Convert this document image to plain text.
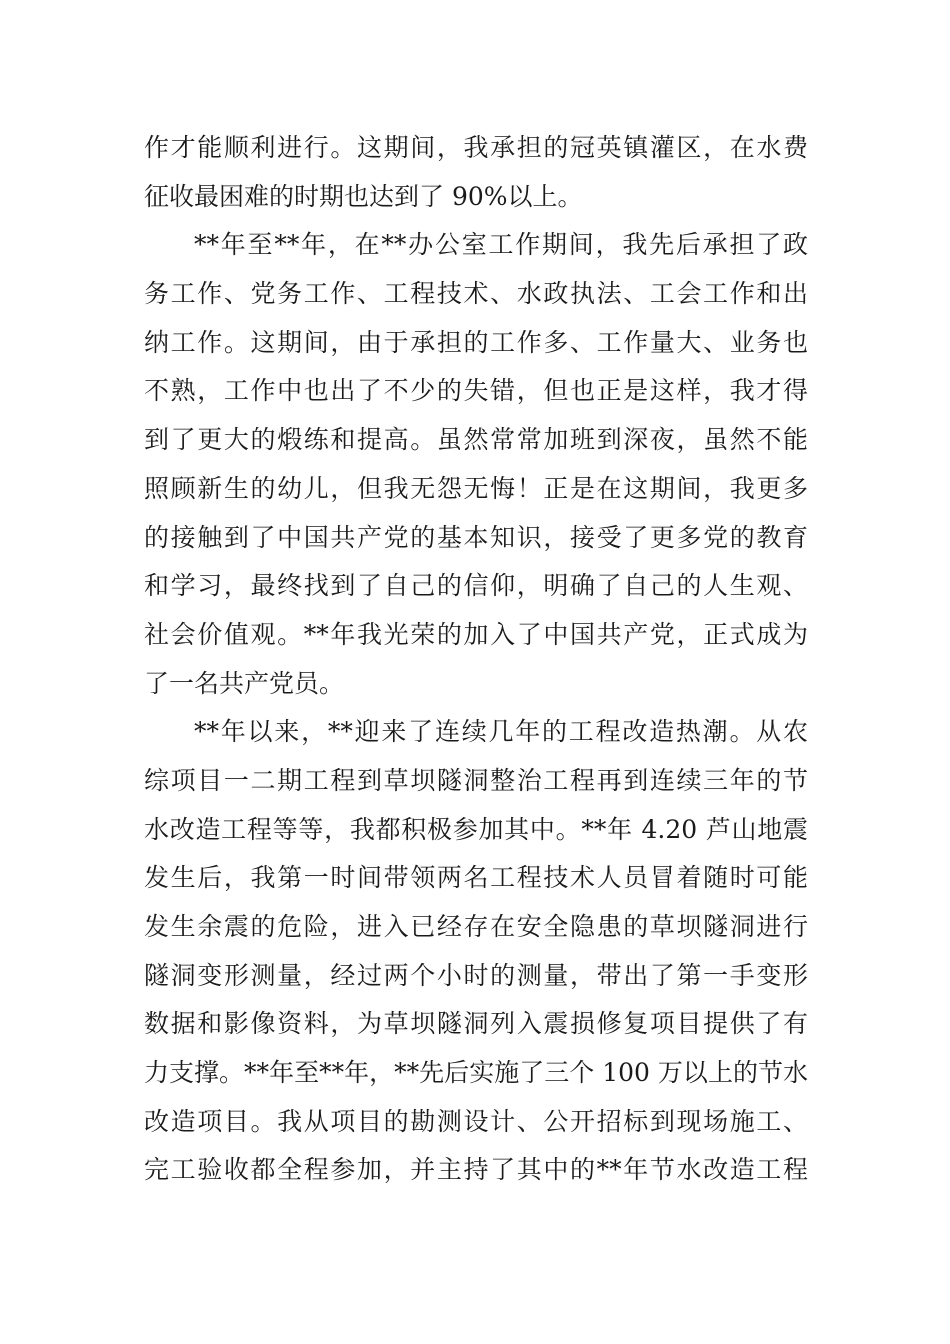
作才能顺利进行。这期间，我承担的冠英镇灌区，在水费
征收最困难的时期也达到了 90%以上。
**年至**年，在**办公室工作期间，我先后承担了政
务工作、党务工作、工程技术、水政执法、工会工作和出
纳工作。这期间，由于承担的工作多、工作量大、业务也
不熟，工作中也出了不少的失错，但也正是这样，我才得
到了更大的煅练和提高。虽然常常加班到深夜，虽然不能
照顾新生的幼儿，但我无怨无悔！正是在这期间，我更多
的接触到了中国共产党的基本知识，接受了更多党的教育
和学习，最终找到了自己的信仰，明确了自己的人生观、
社会价值观。**年我光荣的加入了中国共产党，正式成为
了一名共产党员。
**年以来，**迎来了连续几年的工程改造热潮。从农
综项目一二期工程到草坝隧洞整治工程再到连续三年的节
水改造工程等等，我都积极参加其中。**年 4.20 芦山地震
发生后，我第一时间带领两名工程技术人员冒着随时可能
发生余震的危险，进入已经存在安全隐患的草坝隧洞进行
隧洞变形测量，经过两个小时的测量，带出了第一手变形
数据和影像资料，为草坝隧洞列入震损修复项目提供了有
力支撑。**年至**年，**先后实施了三个 100 万以上的节水
改造项目。我从项目的勘测设计、公开招标到现场施工、
完工验收都全程参加，并主持了其中的**年节水改造工程
